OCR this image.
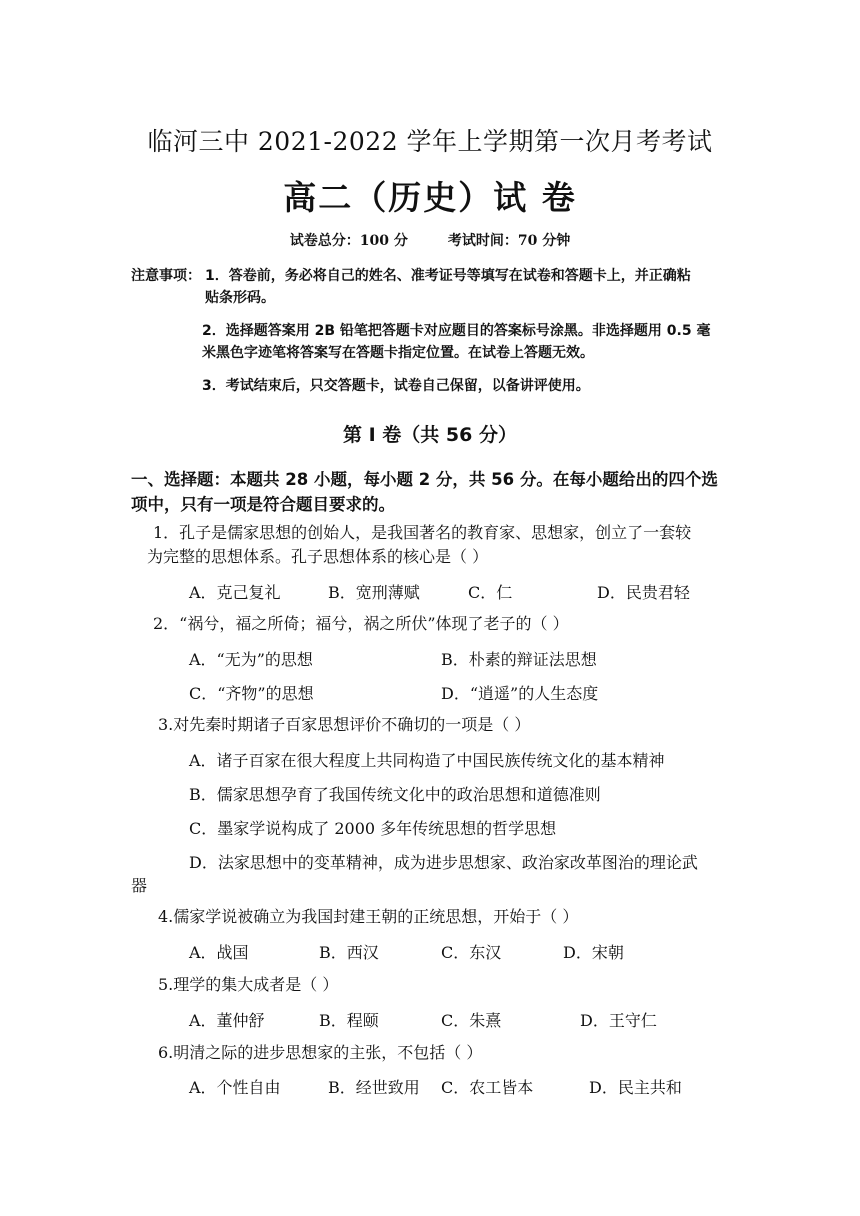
临河三中 2021-2022 学年上学期第一次月考考试
高二（历史）试 卷
试卷总分：100 分	考试时间：70 分钟
注意事项： 1．答卷前，务必将自己的姓名、准考证号等填写在试卷和答题卡上，并正确粘
贴条形码。
2．选择题答案用 2B 铅笔把答题卡对应题目的答案标号涂黑。非选择题用 0.5 毫
米黑色字迹笔将答案写在答题卡指定位置。在试卷上答题无效。
3．考试结束后，只交答题卡，试卷自己保留，以备讲评使用。
第 Ⅰ 卷（共 56 分）
一、选择题：本题共 28 小题，每小题 2 分，共 56 分。在每小题给出的四个选
项中，只有一项是符合题目要求的。
1．孔子是儒家思想的创始人，是我国著名的教育家、思想家，创立了一套较
为完整的思想体系。孔子思想体系的核心是（ ）
A．克己复礼	B．宽刑薄赋	C．仁	D．民贵君轻
2．“祸兮，福之所倚；福兮，祸之所伏”体现了老子的（ ）
A．“无为”的思想	B．朴素的辩证法思想
C．“齐物”的思想	D．“逍遥”的人生态度
3.对先秦时期诸子百家思想评价不确切的一项是（ ）
A．诸子百家在很大程度上共同构造了中国民族传统文化的基本精神
B．儒家思想孕育了我国传统文化中的政治思想和道德准则
C．墨家学说构成了 2000 多年传统思想的哲学思想
D．法家思想中的变革精神，成为进步思想家、政治家改革图治的理论武
器
4.儒家学说被确立为我国封建王朝的正统思想，开始于（ ）
A．战国	B．西汉	C．东汉	D．宋朝
5.理学的集大成者是（ ）
A．董仲舒	B．程颐	C．朱熹	D．王守仁
6.明清之际的进步思想家的主张，不包括（ ）
A．个性自由	B．经世致用 C．农工皆本	D．民主共和
